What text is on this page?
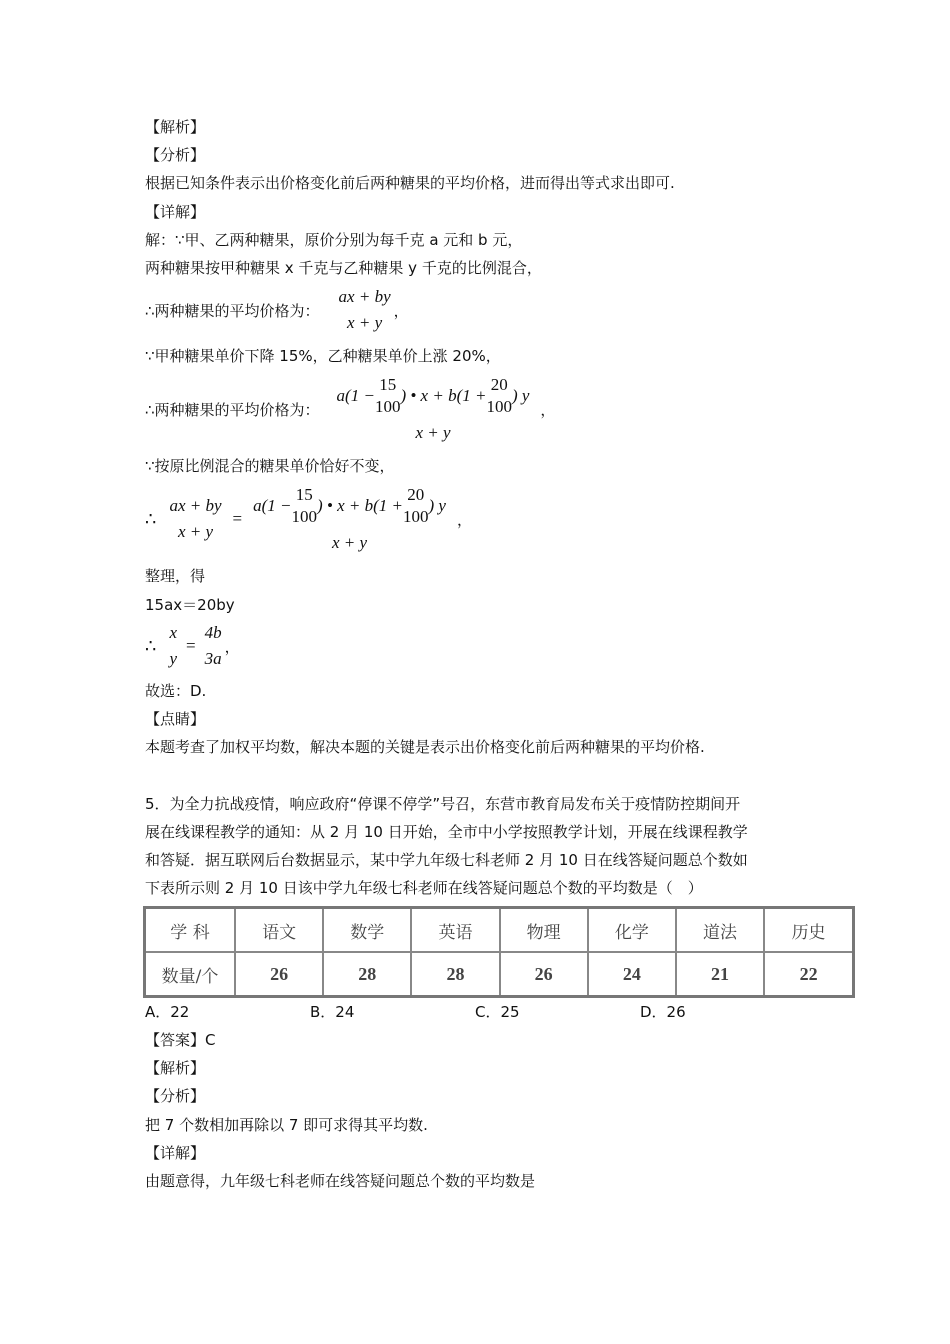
【解析】
【分析】
根据已知条件表示出价格变化前后两种糖果的平均价格，进而得出等式求出即可.
【详解】
解：∵甲、乙两种糖果，原价分别为每千克 a 元和 b 元，
两种糖果按甲种糖果 x 千克与乙种糖果 y 千克的比例混合，
∴两种糖果的平均价格为：
ax + by
x + y
，
∵甲种糖果单价下降 15%，乙种糖果单价上涨 20%，
∴两种糖果的平均价格为：
a(1 −
15
100
) • x + b(1 +
20
100
) y
x + y
，
∵按原比例混合的糖果单价恰好不变，
∴
ax + by
x + y
=
a(1 −
15
100
) • x + b(1 +
20
100
) y
x + y
，
整理，得
15ax＝20by
∴
x
y
=
4b
3a
，
故选：D.
【点睛】
本题考查了加权平均数，解决本题的关键是表示出价格变化前后两种糖果的平均价格.
5．为全力抗战疫情，响应政府“停课不停学”号召，东营市教育局发布关于疫情防控期间开
展在线课程教学的通知：从 2 月 10 日开始，全市中小学按照教学计划，开展在线课程教学
和答疑．据互联网后台数据显示，某中学九年级七科老师 2 月 10 日在线答疑问题总个数如
下表所示则 2 月 10 日该中学九年级七科老师在线答疑问题总个数的平均数是（　）
学 科	语文	数学	英语	物理	化学	道法	历史
数量/个	26	28	28	26	24	21	22
A．22	B．24	C．25	D．26
【答案】C
【解析】
【分析】
把 7 个数相加再除以 7 即可求得其平均数.
【详解】
由题意得，九年级七科老师在线答疑问题总个数的平均数是
